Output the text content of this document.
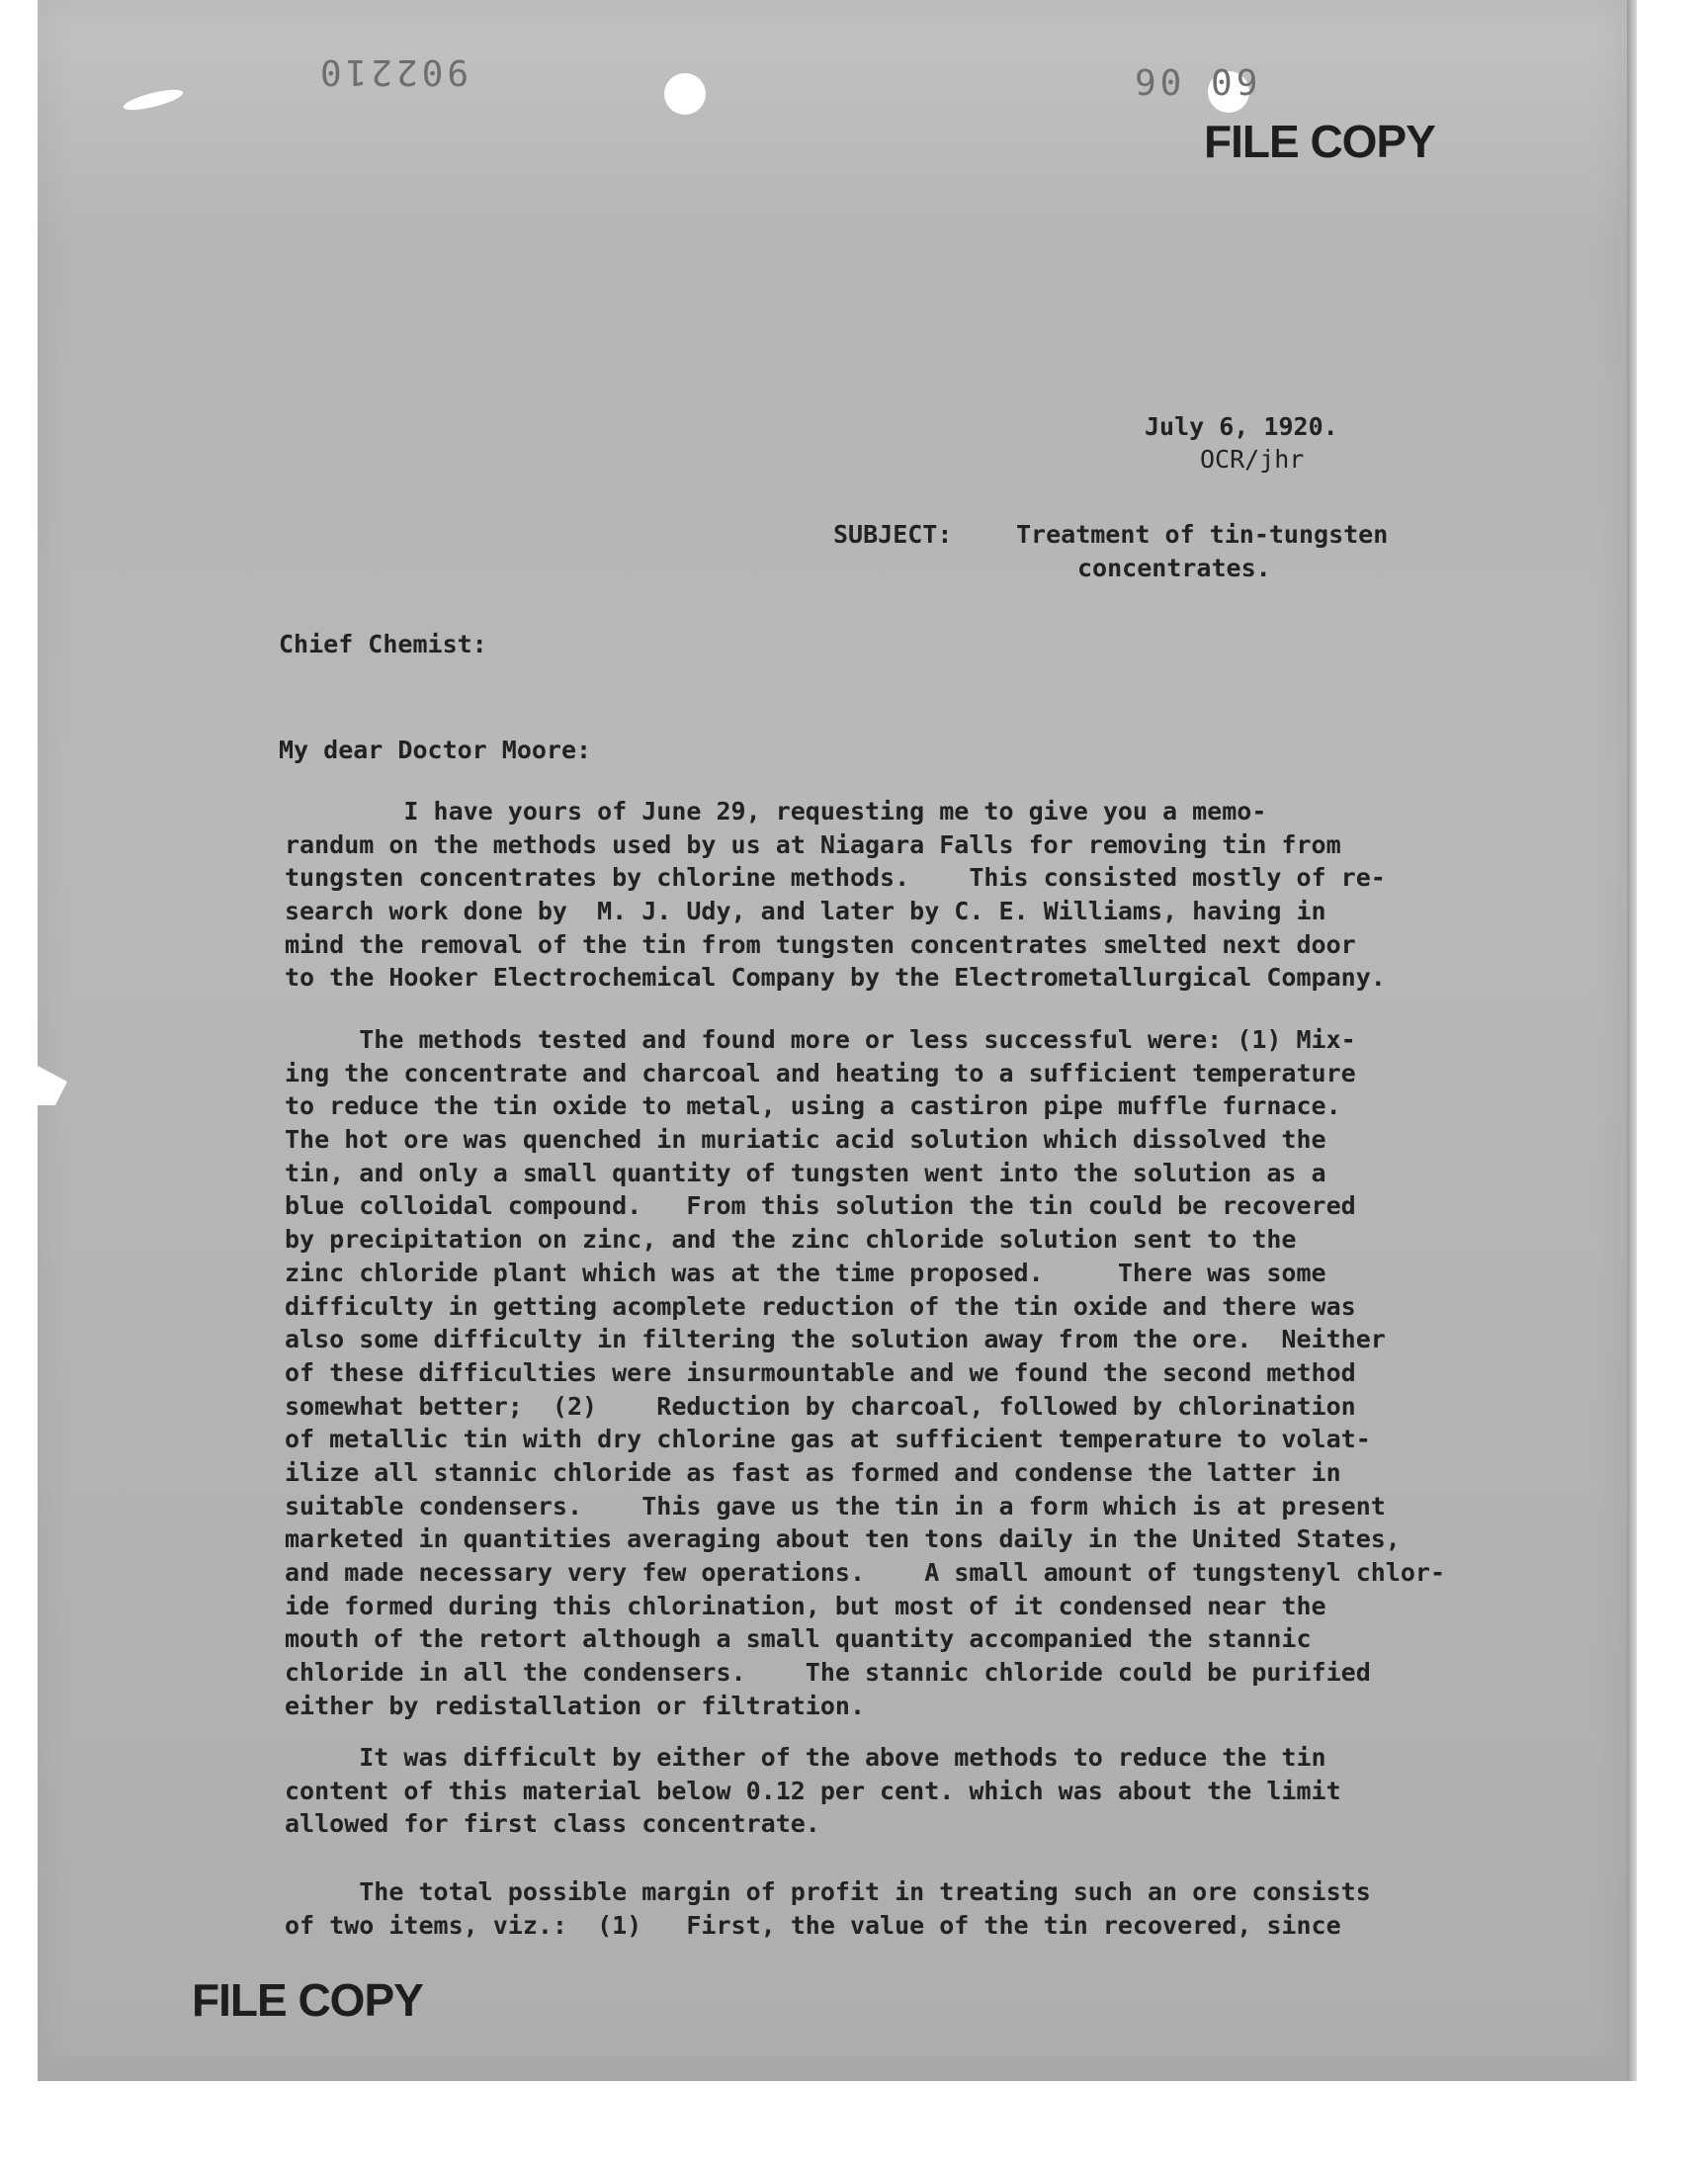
902210	90 09
FILE COPY
July 6, 1920.
OCR/jhr
SUBJECT:	Treatment of tin-tungsten
concentrates.
Chief Chemist:
My dear Doctor Moore:
I have yours of June 29, requesting me to give you a memo-
randum on the methods used by us at Niagara Falls for removing tin from
tungsten concentrates by chlorine methods.    This consisted mostly of re-
search work done by  M. J. Udy, and later by C. E. Williams, having in
mind the removal of the tin from tungsten concentrates smelted next door
to the Hooker Electrochemical Company by the Electrometallurgical Company.
The methods tested and found more or less successful were: (1) Mix-
ing the concentrate and charcoal and heating to a sufficient temperature
to reduce the tin oxide to metal, using a castiron pipe muffle furnace.
The hot ore was quenched in muriatic acid solution which dissolved the
tin, and only a small quantity of tungsten went into the solution as a
blue colloidal compound.   From this solution the tin could be recovered
by precipitation on zinc, and the zinc chloride solution sent to the
zinc chloride plant which was at the time proposed.     There was some
difficulty in getting acomplete reduction of the tin oxide and there was
also some difficulty in filtering the solution away from the ore.  Neither
of these difficulties were insurmountable and we found the second method
somewhat better;  (2)    Reduction by charcoal, followed by chlorination
of metallic tin with dry chlorine gas at sufficient temperature to volat-
ilize all stannic chloride as fast as formed and condense the latter in
suitable condensers.    This gave us the tin in a form which is at present
marketed in quantities averaging about ten tons daily in the United States,
and made necessary very few operations.    A small amount of tungstenyl chlor-
ide formed during this chlorination, but most of it condensed near the
mouth of the retort although a small quantity accompanied the stannic
chloride in all the condensers.    The stannic chloride could be purified
either by redistallation or filtration.
It was difficult by either of the above methods to reduce the tin
content of this material below 0.12 per cent. which was about the limit
allowed for first class concentrate.
The total possible margin of profit in treating such an ore consists
of two items, viz.:  (1)   First, the value of the tin recovered, since
FILE COPY
